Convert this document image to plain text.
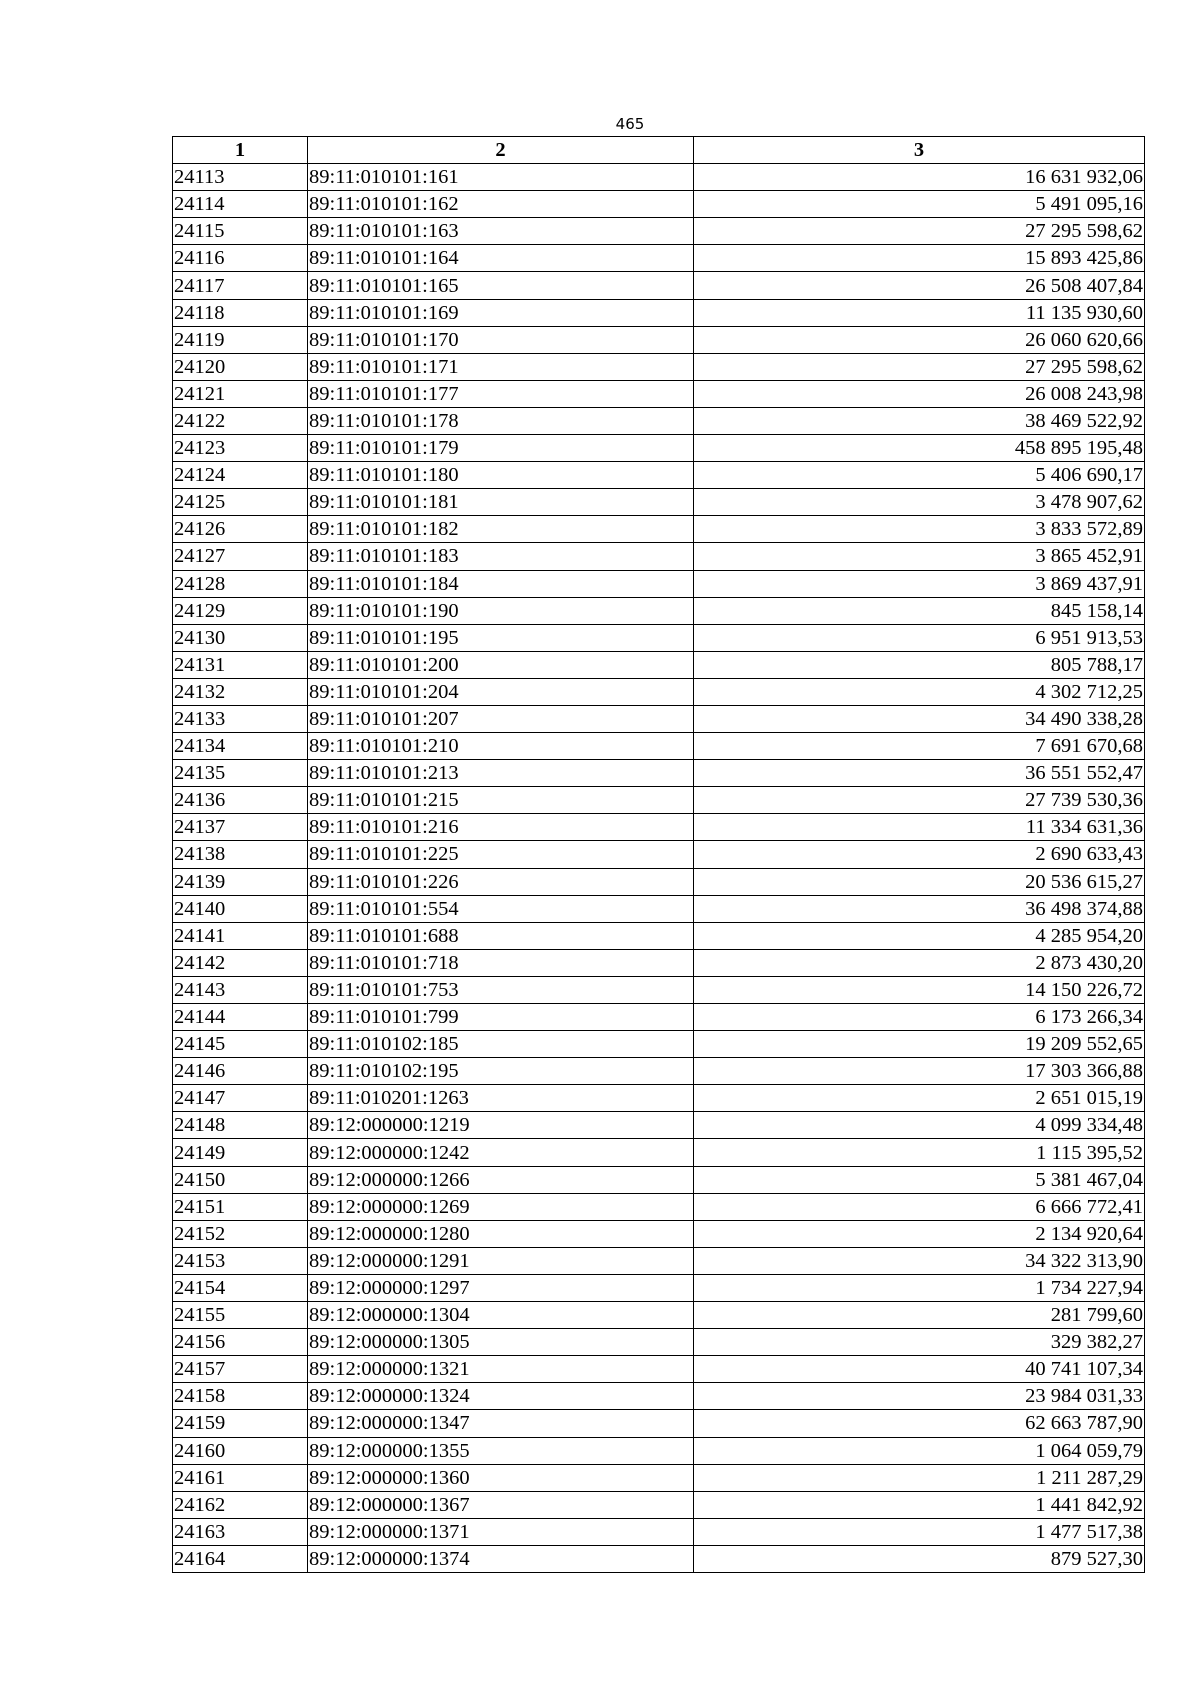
465
1	2	3
24113	89:11:010101:161	16 631 932,06
24114	89:11:010101:162	5 491 095,16
24115	89:11:010101:163	27 295 598,62
24116	89:11:010101:164	15 893 425,86
24117	89:11:010101:165	26 508 407,84
24118	89:11:010101:169	11 135 930,60
24119	89:11:010101:170	26 060 620,66
24120	89:11:010101:171	27 295 598,62
24121	89:11:010101:177	26 008 243,98
24122	89:11:010101:178	38 469 522,92
24123	89:11:010101:179	458 895 195,48
24124	89:11:010101:180	5 406 690,17
24125	89:11:010101:181	3 478 907,62
24126	89:11:010101:182	3 833 572,89
24127	89:11:010101:183	3 865 452,91
24128	89:11:010101:184	3 869 437,91
24129	89:11:010101:190	845 158,14
24130	89:11:010101:195	6 951 913,53
24131	89:11:010101:200	805 788,17
24132	89:11:010101:204	4 302 712,25
24133	89:11:010101:207	34 490 338,28
24134	89:11:010101:210	7 691 670,68
24135	89:11:010101:213	36 551 552,47
24136	89:11:010101:215	27 739 530,36
24137	89:11:010101:216	11 334 631,36
24138	89:11:010101:225	2 690 633,43
24139	89:11:010101:226	20 536 615,27
24140	89:11:010101:554	36 498 374,88
24141	89:11:010101:688	4 285 954,20
24142	89:11:010101:718	2 873 430,20
24143	89:11:010101:753	14 150 226,72
24144	89:11:010101:799	6 173 266,34
24145	89:11:010102:185	19 209 552,65
24146	89:11:010102:195	17 303 366,88
24147	89:11:010201:1263	2 651 015,19
24148	89:12:000000:1219	4 099 334,48
24149	89:12:000000:1242	1 115 395,52
24150	89:12:000000:1266	5 381 467,04
24151	89:12:000000:1269	6 666 772,41
24152	89:12:000000:1280	2 134 920,64
24153	89:12:000000:1291	34 322 313,90
24154	89:12:000000:1297	1 734 227,94
24155	89:12:000000:1304	281 799,60
24156	89:12:000000:1305	329 382,27
24157	89:12:000000:1321	40 741 107,34
24158	89:12:000000:1324	23 984 031,33
24159	89:12:000000:1347	62 663 787,90
24160	89:12:000000:1355	1 064 059,79
24161	89:12:000000:1360	1 211 287,29
24162	89:12:000000:1367	1 441 842,92
24163	89:12:000000:1371	1 477 517,38
24164	89:12:000000:1374	879 527,30
